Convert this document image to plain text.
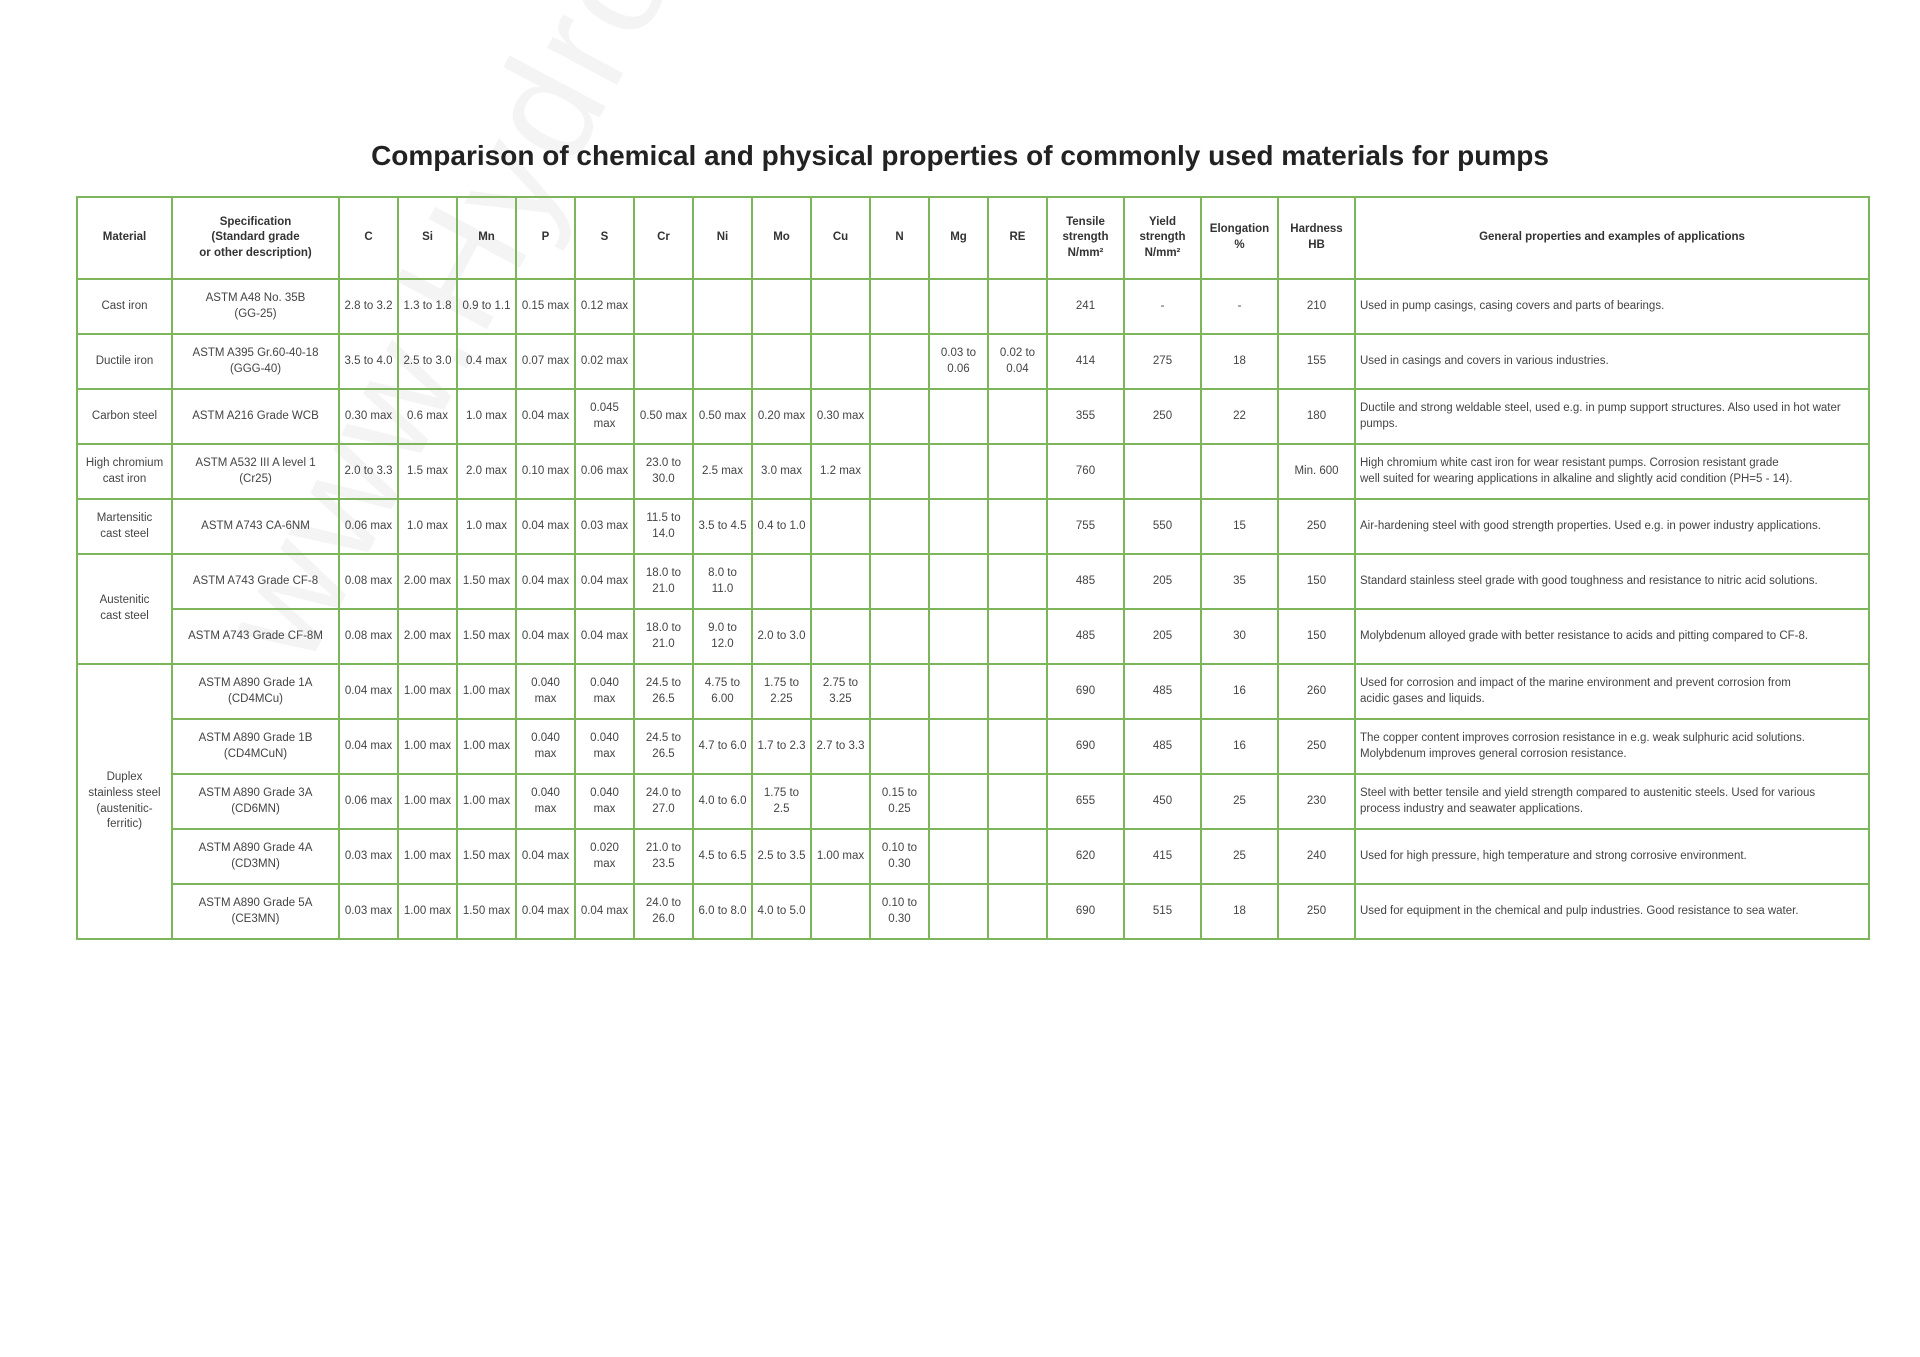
Comparison of chemical and physical properties of commonly used materials for pumps
Material	Specification
(Standard grade
or other description)	C	Si	Mn	P	S	Cr	Ni	Mo	Cu	N	Mg	RE	Tensile
strength
N/mm²	Yield
strength
N/mm²	Elongation
%	Hardness
HB	General properties and examples of applications
Cast iron	ASTM A48 No. 35B
(GG-25)	2.8 to 3.2	1.3 to 1.8	0.9 to 1.1	0.15 max	0.12 max								241	-	-	210	Used in pump casings, casing covers and parts of bearings.
Ductile iron	ASTM A395 Gr.60-40-18
(GGG-40)	3.5 to 4.0	2.5 to 3.0	0.4 max	0.07 max	0.02 max						0.03 to
0.06	0.02 to
0.04	414	275	18	155	Used in casings and covers in various industries.
Carbon steel	ASTM A216 Grade WCB	0.30 max	0.6 max	1.0 max	0.04 max	0.045
max	0.50 max	0.50 max	0.20 max	0.30 max				355	250	22	180	Ductile and strong weldable steel, used e.g. in pump support structures. Also used in hot water pumps.
High chromium
cast iron	ASTM A532 III A level 1
(Cr25)	2.0 to 3.3	1.5 max	2.0 max	0.10 max	0.06 max	23.0 to
30.0	2.5 max	3.0 max	1.2 max				760			Min. 600	High chromium white cast iron for wear resistant pumps. Corrosion resistant grade
well suited for wearing applications in alkaline and slightly acid condition (PH=5 - 14).
Martensitic
cast steel	ASTM A743 CA-6NM	0.06 max	1.0 max	1.0 max	0.04 max	0.03 max	11.5 to
14.0	3.5 to 4.5	0.4 to 1.0					755	550	15	250	Air-hardening steel with good strength properties. Used e.g. in power industry applications.
Austenitic
cast steel	ASTM A743 Grade CF-8	0.08 max	2.00 max	1.50 max	0.04 max	0.04 max	18.0 to
21.0	8.0 to
11.0						485	205	35	150	Standard stainless steel grade with good toughness and resistance to nitric acid solutions.
	ASTM A743 Grade CF-8M	0.08 max	2.00 max	1.50 max	0.04 max	0.04 max	18.0 to
21.0	9.0 to
12.0	2.0 to 3.0					485	205	30	150	Molybdenum alloyed grade with better resistance to acids and pitting compared to CF-8.
Duplex
stainless steel
(austenitic-
ferritic)	ASTM A890 Grade 1A
(CD4MCu)	0.04 max	1.00 max	1.00 max	0.040
max	0.040
max	24.5 to
26.5	4.75 to
6.00	1.75 to
2.25	2.75 to
3.25				690	485	16	260	Used for corrosion and impact of the marine environment and prevent corrosion from
acidic gases and liquids.
	ASTM A890 Grade 1B
(CD4MCuN)	0.04 max	1.00 max	1.00 max	0.040
max	0.040
max	24.5 to
26.5	4.7 to 6.0	1.7 to 2.3	2.7 to 3.3				690	485	16	250	The copper content improves corrosion resistance in e.g. weak sulphuric acid solutions.
Molybdenum improves general corrosion resistance.
	ASTM A890 Grade 3A
(CD6MN)	0.06 max	1.00 max	1.00 max	0.040
max	0.040
max	24.0 to
27.0	4.0 to 6.0	1.75 to
2.5		0.15 to
0.25			655	450	25	230	Steel with better tensile and yield strength compared to austenitic steels. Used for various
process industry and seawater applications.
	ASTM A890 Grade 4A
(CD3MN)	0.03 max	1.00 max	1.50 max	0.04 max	0.020
max	21.0 to
23.5	4.5 to 6.5	2.5 to 3.5	1.00 max	0.10 to
0.30			620	415	25	240	Used for high pressure, high temperature and strong corrosive environment.
	ASTM A890 Grade 5A
(CE3MN)	0.03 max	1.00 max	1.50 max	0.04 max	0.04 max	24.0 to
26.0	6.0 to 8.0	4.0 to 5.0		0.10 to
0.30			690	515	18	250	Used for equipment in the chemical and pulp industries. Good resistance to sea water.
